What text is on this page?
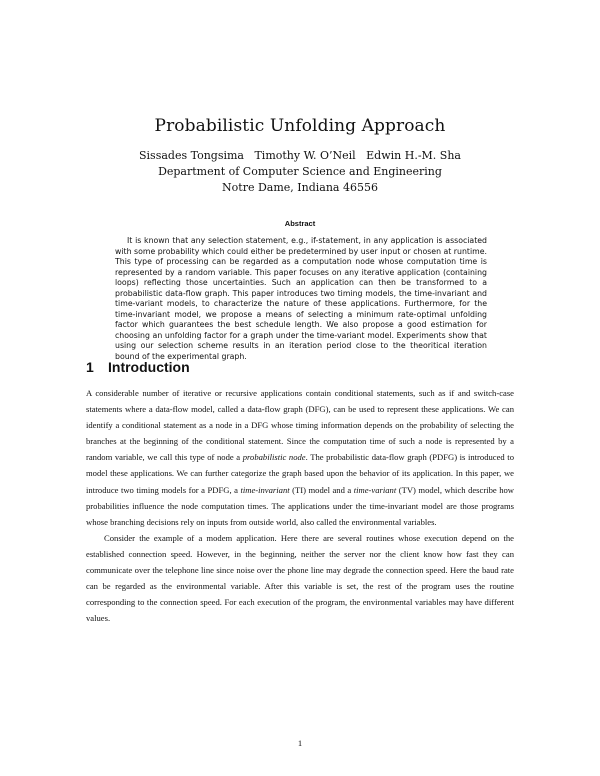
Probabilistic Unfolding Approach
Sissades Tongsima   Timothy W. O’Neil   Edwin H.-M. Sha
Department of Computer Science and Engineering
Notre Dame, Indiana 46556
Abstract
It is known that any selection statement, e.g., if-statement, in any application is associated with some probability which could either be predetermined by user input or chosen at runtime. This type of processing can be regarded as a computation node whose computation time is represented by a random variable. This paper focuses on any iterative application (containing loops) reflecting those uncertainties. Such an application can then be transformed to a probabilistic data-flow graph. This paper introduces two timing models, the time-invariant and time-variant models, to characterize the nature of these applications. Furthermore, for the time-invariant model, we propose a means of selecting a minimum rate-optimal unfolding factor which guarantees the best schedule length. We also propose a good estimation for choosing an unfolding factor for a graph under the time-variant model. Experiments show that using our selection scheme results in an iteration period close to the theoritical iteration bound of the experimental graph.
1 Introduction

A considerable number of iterative or recursive applications contain conditional statements, such as if and switch-case statements where a data-flow model, called a data-flow graph (DFG), can be used to represent these applications. We can identify a conditional statement as a node in a DFG whose timing information depends on the probability of selecting the branches at the beginning of the conditional statement. Since the computation time of such a node is represented by a random variable, we call this type of node a probabilistic node. The probabilistic data-flow graph (PDFG) is introduced to model these applications. We can further categorize the graph based upon the behavior of its application. In this paper, we introduce two timing models for a PDFG, a time-invariant (TI) model and a time-variant (TV) model, which describe how probabilities influence the node computation times. The applications under the time-invariant model are those programs whose branching decisions rely on inputs from outside world, also called the environmental variables.

Consider the example of a modem application. Here there are several routines whose execution depend on the established connection speed. However, in the beginning, neither the server nor the client know how fast they can communicate over the telephone line since noise over the phone line may degrade the connection speed. Here the baud rate can be regarded as the environmental variable. After this variable is set, the rest of the program uses the routine corresponding to the connection speed. For each execution of the program, the environmental variables may have different values.

1
